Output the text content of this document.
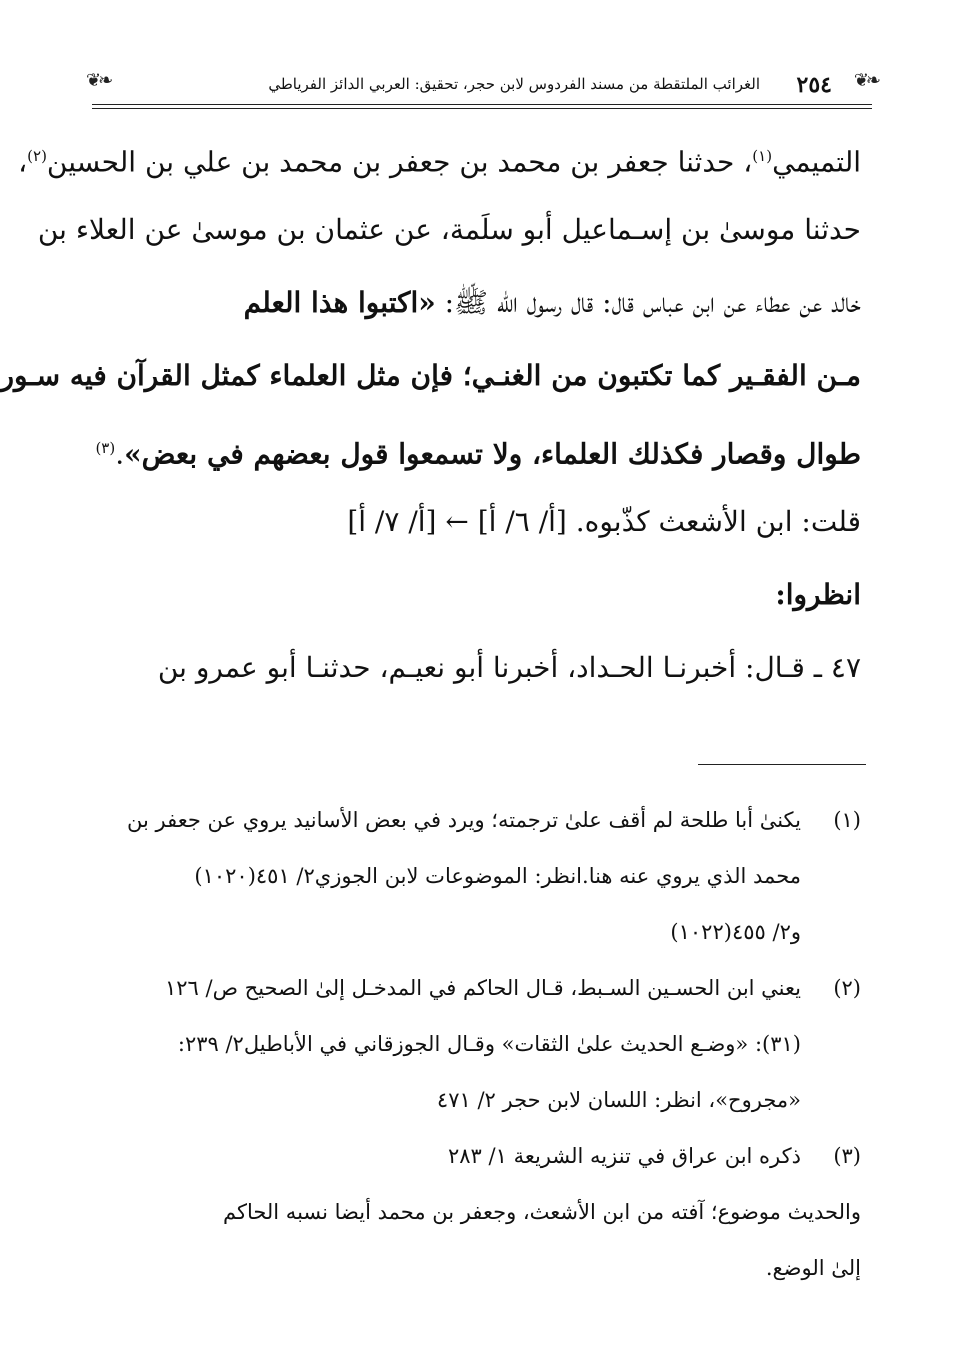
❦❧
٢٥٤
الغرائب الملتقطة من مسند الفردوس لابن حجر، تحقيق: العربي الدائز الفرياطي
❦❧
التميمي$^{(١)}$، حدثنا جعفر بن محمد بن جعفر بن محمد بن علي بن الحسين$^{(٢)}$،
حدثنا موسىٰ بن إسـماعيل أبو سلَمة، عن عثمان بن موسىٰ عن العلاء بن
خالد عن عطاء عن ابن عباس قال: قال رسول الله ﷺ: «اكتبوا هذا العلم
مـن الفقـير كما تكتبون من الغنـي؛ فإن مثل العلماء كمثل القرآن فيه سـور
طوال وقصار فكذلك العلماء، ولا تسمعوا قول بعضهم في بعض».$^{(٣)}$
قلت: ابن الأشعث كذّبوه. [أ/ ٦/ أ] ← [أ/ ٧/ أ]
انظروا:
٤٧ ـ قـال: أخبرنـا الحـداد، أخبرنا أبو نعيـم، حدثنـا أبو عمرو بن
(١)
يكنىٰ أبا طلحة لم أقف علىٰ ترجمته؛ ويرد في بعض الأسانيد يروي عن جعفر بن
محمد الذي يروي عنه هنا.انظر: الموضوعات لابن الجوزي٢/ ٤٥١(١٠٢٠)
و٢/ ٤٥٥(١٠٢٢)
(٢)
يعني ابن الحسـين السـبط، قـال الحاكم في المدخـل إلىٰ الصحيح ص/ ١٢٦
(٣١): «وضـع الحديث علىٰ الثقات» وقـال الجوزقاني في الأباطيل٢/ ٢٣٩:
«مجروح»، انظر: اللسان لابن حجر ٢/ ٤٧١
(٣)
ذكره ابن عراق في تنزيه الشريعة ١/ ٢٨٣
والحديث موضوع؛ آفته من ابن الأشعث، وجعفر بن محمد أيضا نسبه الحاكم
إلىٰ الوضع.
